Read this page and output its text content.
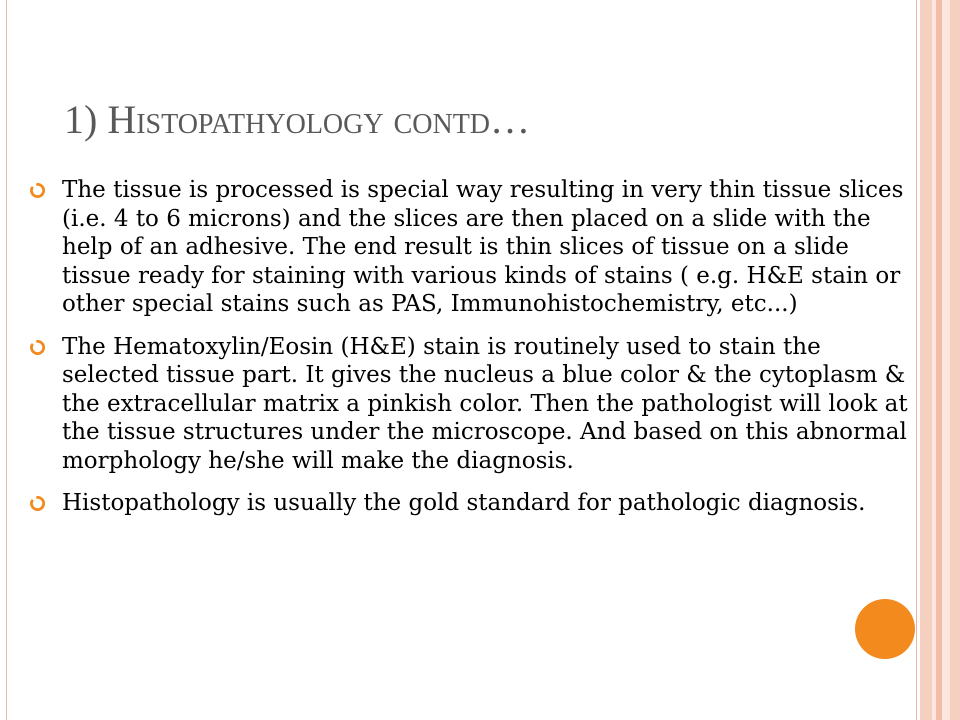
1) Histopathyology contd…
The tissue is processed is special way resulting in very thin tissue slices (i.e. 4 to 6 microns) and the slices are then placed on a slide with the help of an adhesive. The end result is thin slices of tissue on a slide tissue ready for staining with various kinds of stains ( e.g. H&E stain or other special stains such as PAS, Immunohistochemistry, etc...)
The Hematoxylin/Eosin (H&E) stain is routinely used to stain the selected tissue part. It gives the nucleus a blue color & the cytoplasm & the extracellular matrix a pinkish color. Then the pathologist will look at the tissue structures under the microscope. And based on this abnormal morphology he/she will make the diagnosis.
Histopathology is usually the gold standard for pathologic diagnosis.
